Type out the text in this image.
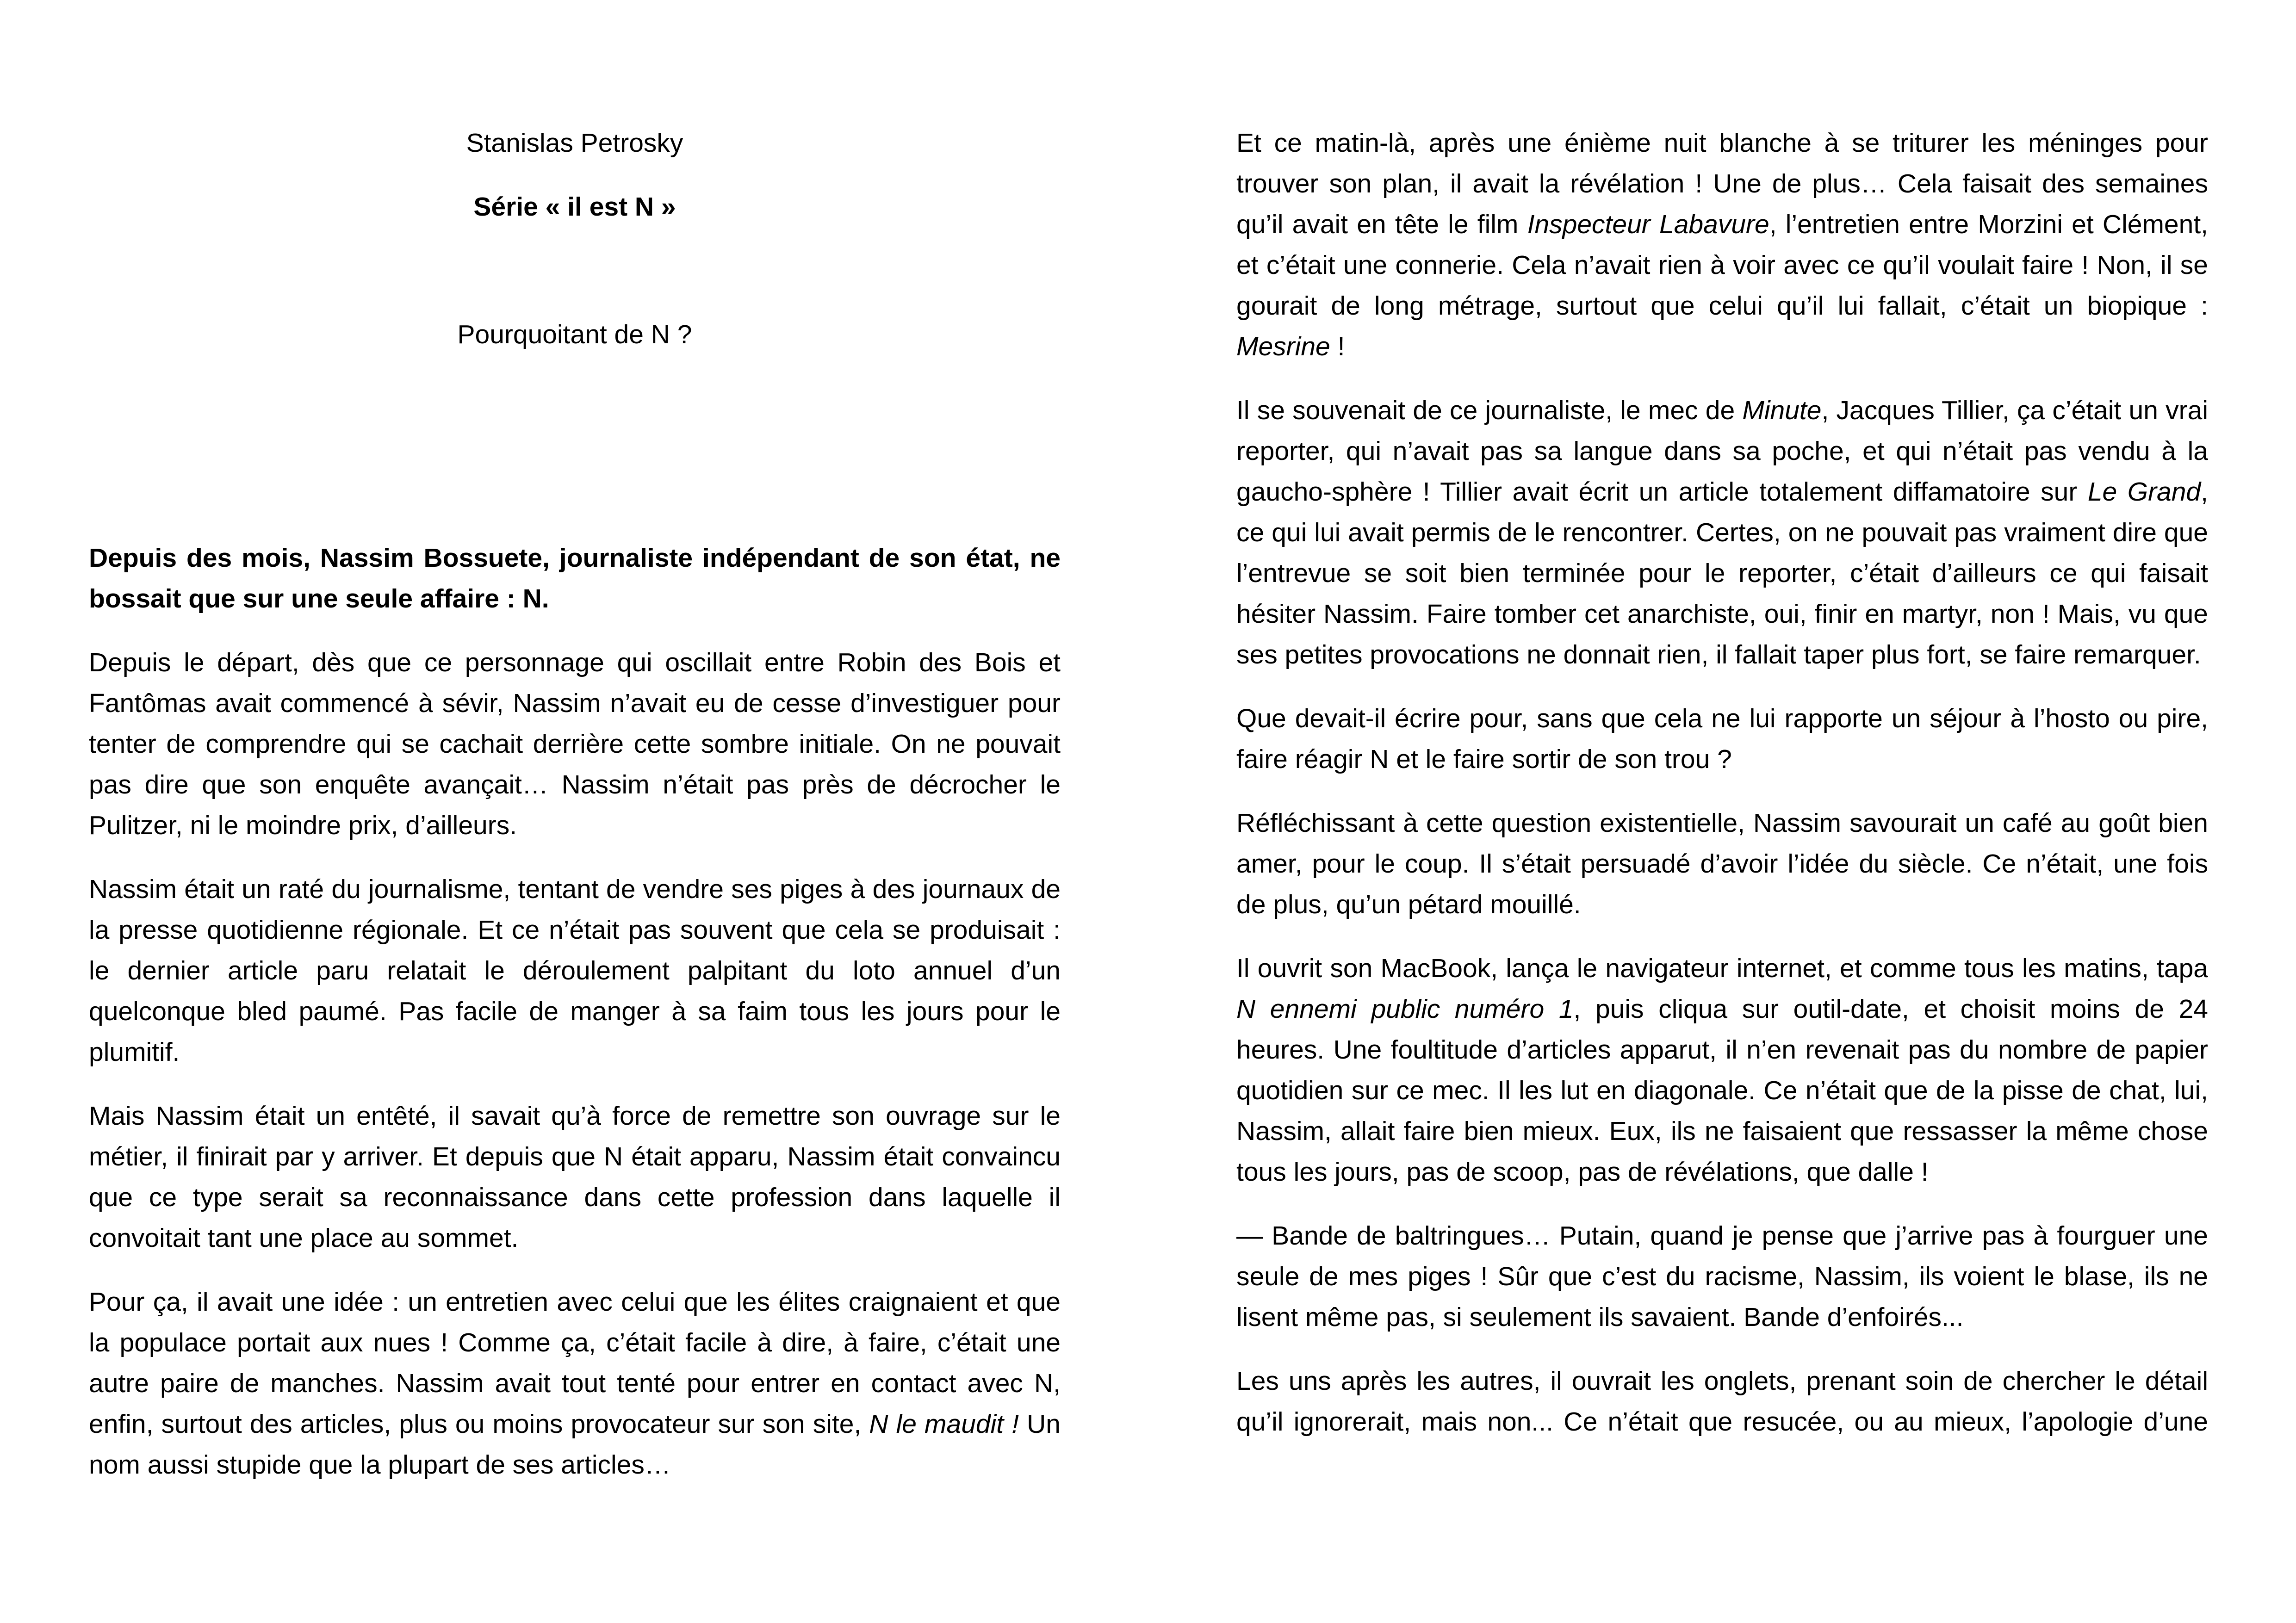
Stanislas Petrosky

Série « il est N »

Pourquoitant de N ?

Depuis des mois, Nassim Bossuete, journaliste indépendant de son état, ne bossait que sur une seule affaire : N.

Depuis le départ, dès que ce personnage qui oscillait entre Robin des Bois et Fantômas avait commencé à sévir, Nassim n’avait eu de cesse d’investiguer pour tenter de comprendre qui se cachait derrière cette sombre initiale. On ne pouvait pas dire que son enquête avançait… Nassim n’était pas près de décrocher le Pulitzer, ni le moindre prix, d’ailleurs.

Nassim était un raté du journalisme, tentant de vendre ses piges à des journaux de la presse quotidienne régionale. Et ce n’était pas souvent que cela se produisait : le dernier article paru relatait le déroulement palpitant du loto annuel d’un quelconque bled paumé. Pas facile de manger à sa faim tous les jours pour le plumitif.

Mais Nassim était un entêté, il savait qu’à force de remettre son ouvrage sur le métier, il finirait par y arriver. Et depuis que N était apparu, Nassim était convaincu que ce type serait sa reconnaissance dans cette profession dans laquelle il convoitait tant une place au sommet.

Pour ça, il avait une idée : un entretien avec celui que les élites craignaient et que la populace portait aux nues ! Comme ça, c’était facile à dire, à faire, c’était une autre paire de manches. Nassim avait tout tenté pour entrer en contact avec N, enfin, surtout des articles, plus ou moins provocateur sur son site, N le maudit ! Un nom aussi stupide que la plupart de ses articles…

Et ce matin-là, après une énième nuit blanche à se triturer les méninges pour trouver son plan, il avait la révélation ! Une de plus… Cela faisait des semaines qu’il avait en tête le film Inspecteur Labavure, l’entretien entre Morzini et Clément, et c’était une connerie. Cela n’avait rien à voir avec ce qu’il voulait faire ! Non, il se gourait de long métrage, surtout que celui qu’il lui fallait, c’était un biopique : Mesrine !

Il se souvenait de ce journaliste, le mec de Minute, Jacques Tillier, ça c’était un vrai reporter, qui n’avait pas sa langue dans sa poche, et qui n’était pas vendu à la gaucho-sphère ! Tillier avait écrit un article totalement diffamatoire sur Le Grand, ce qui lui avait permis de le rencontrer. Certes, on ne pouvait pas vraiment dire que l’entrevue se soit bien terminée pour le reporter, c’était d’ailleurs ce qui faisait hésiter Nassim. Faire tomber cet anarchiste, oui, finir en martyr, non ! Mais, vu que ses petites provocations ne donnait rien, il fallait taper plus fort, se faire remarquer.

Que devait-il écrire pour, sans que cela ne lui rapporte un séjour à l’hosto ou pire, faire réagir N et le faire sortir de son trou ?

Réfléchissant à cette question existentielle, Nassim savourait un café au goût bien amer, pour le coup. Il s’était persuadé d’avoir l’idée du siècle. Ce n’était, une fois de plus, qu’un pétard mouillé.

Il ouvrit son MacBook, lança le navigateur internet, et comme tous les matins, tapa N ennemi public numéro 1, puis cliqua sur outil-date, et choisit moins de 24 heures. Une foultitude d’articles apparut, il n’en revenait pas du nombre de papier quotidien sur ce mec. Il les lut en diagonale. Ce n’était que de la pisse de chat, lui, Nassim, allait faire bien mieux. Eux, ils ne faisaient que ressasser la même chose tous les jours, pas de scoop, pas de révélations, que dalle !

— Bande de baltringues… Putain, quand je pense que j’arrive pas à fourguer une seule de mes piges ! Sûr que c’est du racisme, Nassim, ils voient le blase, ils ne lisent même pas, si seulement ils savaient. Bande d’enfoirés...

Les uns après les autres, il ouvrait les onglets, prenant soin de chercher le détail qu’il ignorerait, mais non... Ce n’était que resucée, ou au mieux, l’apologie d’une
